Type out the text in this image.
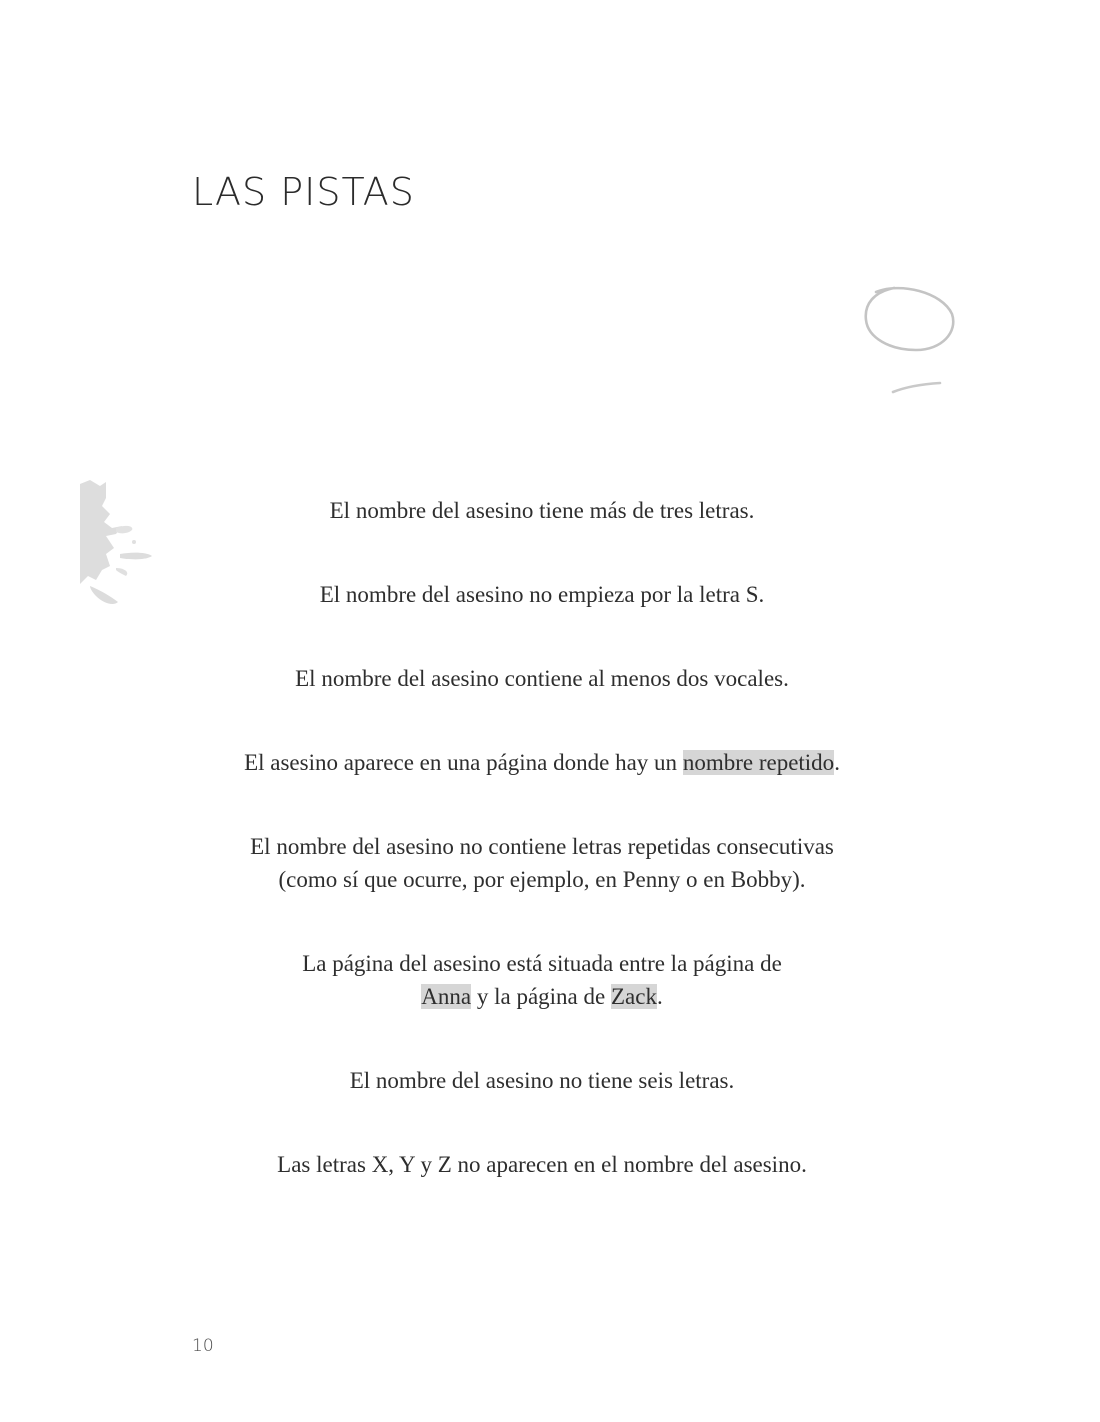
LAS PISTAS

El nombre del asesino tiene más de tres letras.

El nombre del asesino no empieza por la letra S.

El nombre del asesino contiene al menos dos vocales.

El asesino aparece en una página donde hay un nombre repetido.

El nombre del asesino no contiene letras repetidas consecutivas
(como sí que ocurre, por ejemplo, en Penny o en Bobby).

La página del asesino está situada entre la página de
Anna y la página de Zack.

El nombre del asesino no tiene seis letras.

Las letras X, Y y Z no aparecen en el nombre del asesino.

10
